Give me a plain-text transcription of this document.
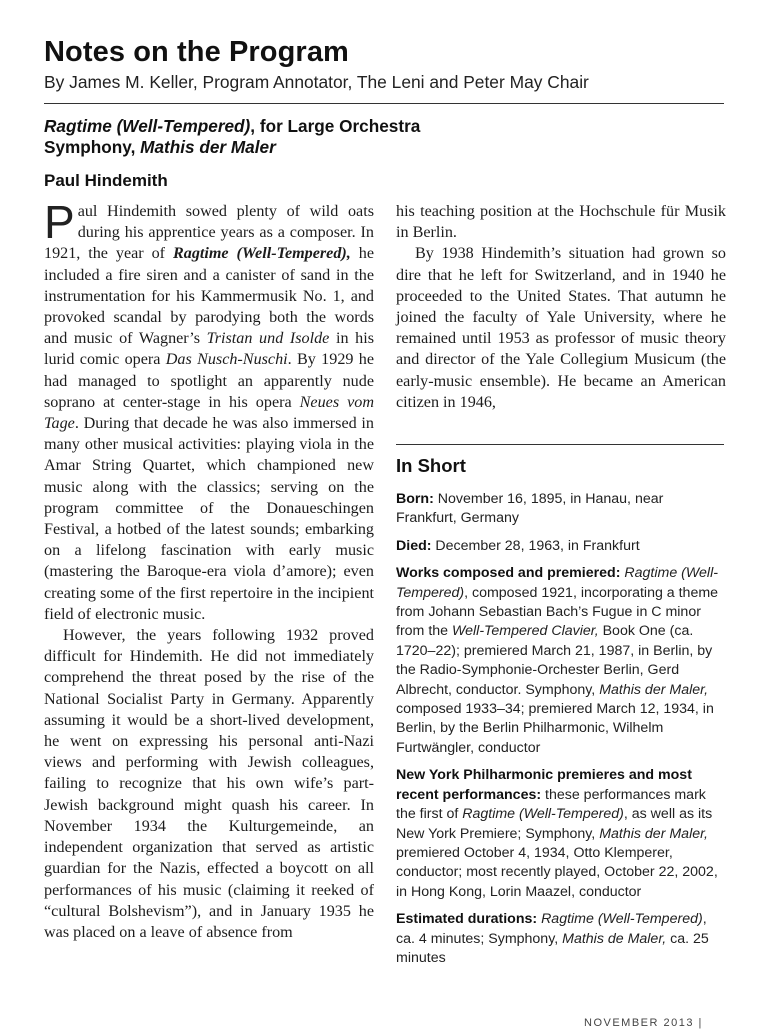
Notes on the Program
By James M. Keller, Program Annotator, The Leni and Peter May Chair
Ragtime (Well-Tempered), for Large Orchestra
Symphony, Mathis der Maler
Paul Hindemith

Paul Hindemith sowed plenty of wild oats during his apprentice years as a composer. In 1921, the year of Ragtime (Well-Tempered), he included a fire siren and a canister of sand in the instrumentation for his Kammermusik No. 1, and provoked scandal by parodying both the words and music of Wagner’s Tristan und Isolde in his lurid comic opera Das Nusch-Nuschi. By 1929 he had managed to spotlight an apparently nude soprano at center-stage in his opera Neues vom Tage. During that decade he was also immersed in many other musical activities: playing viola in the Amar String Quartet, which championed new music along with the classics; serving on the program committee of the Donaueschingen Festival, a hotbed of the latest sounds; embarking on a lifelong fascination with early music (mastering the Baroque-era viola d’amore); even creating some of the first repertoire in the incipient field of electronic music.

However, the years following 1932 proved difficult for Hindemith. He did not immediately comprehend the threat posed by the rise of the National Socialist Party in Germany. Apparently assuming it would be a short-lived development, he went on expressing his personal anti-Nazi views and performing with Jewish colleagues, failing to recognize that his own wife’s part-Jewish background might quash his career. In November 1934 the Kulturgemeinde, an independent organization that served as artistic guardian for the Nazis, effected a boycott on all performances of his music (claiming it reeked of “cultural Bolshevism”), and in January 1935 he was placed on a leave of absence from

his teaching position at the Hochschule für Musik in Berlin.

By 1938 Hindemith’s situation had grown so dire that he left for Switzerland, and in 1940 he proceeded to the United States. That autumn he joined the faculty of Yale University, where he remained until 1953 as professor of music theory and director of the Yale Collegium Musicum (the early-music ensemble). He became an American citizen in 1946,

In Short

Born: November 16, 1895, in Hanau, near Frankfurt, Germany

Died: December 28, 1963, in Frankfurt

Works composed and premiered: Ragtime (Well-Tempered), composed 1921, incorporating a theme from Johann Sebastian Bach’s Fugue in C minor from the Well-Tempered Clavier, Book One (ca. 1720–22); premiered March 21, 1987, in Berlin, by the Radio-Symphonie-Orchester Berlin, Gerd Albrecht, conductor. Symphony, Mathis der Maler, composed 1933–34; premiered March 12, 1934, in Berlin, by the Berlin Philharmonic, Wilhelm Furtwängler, conductor

New York Philharmonic premieres and most recent performances: these performances mark the first of Ragtime (Well-Tempered), as well as its New York Premiere; Symphony, Mathis der Maler, premiered October 4, 1934, Otto Klemperer, conductor; most recently played, October 22, 2002, in Hong Kong, Lorin Maazel, conductor

Estimated durations: Ragtime (Well-Tempered), ca. 4 minutes; Symphony, Mathis de Maler, ca. 25 minutes

NOVEMBER 2013 |
